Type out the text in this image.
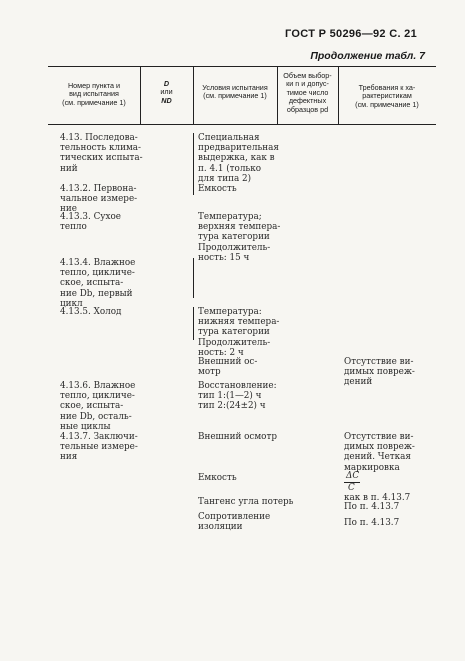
ГОСТ Р 50296—92 С. 21
Продолжение табл. 7
Номер пункта и
вид испытания
(см. примечание 1)
D
или
ND
Условия испытания
(см. примечание 1)
Объем выбор-
ки n и допус-
тимое число
дефектных
образцов pd
Требования к ха-
рактеристикам
(см. примечание 1)
4.13. Последова-
тельность клима-
тических испыта-
ний
4.13.2. Первона-
чальное измере-
ние
4.13.3. Сухое
тепло
4.13.4. Влажное
тепло, цикличе-
ское, испыта-
ние Db, первый
цикл
4.13.5. Холод
4.13.6. Влажное
тепло, цикличе-
ское, испыта-
ние Db, осталь-
ные циклы
4.13.7. Заключи-
тельные измере-
ния
Специальная
предварительная
выдержка, как в
п. 4.1 (только
для типа 2)
Емкость
Температура;
верхняя темпера-
тура категории
Продолжитель-
ность: 15 ч
Температура:
нижняя темпера-
тура категории
Продолжитель-
ность: 2 ч
Внешний ос-
мотр
Восстановление:
тип 1:(1—2) ч
тип 2:(24±2) ч
Внешний осмотр
Емкость
Тангенс угла потерь
Сопротивление
изоляции
Отсутствие ви-
димых повреж-
дений
Отсутствие ви-
димых повреж-
дений. Четкая
маркировка
ΔC
C
как в п. 4.13.7
По п. 4.13.7
По п. 4.13.7
